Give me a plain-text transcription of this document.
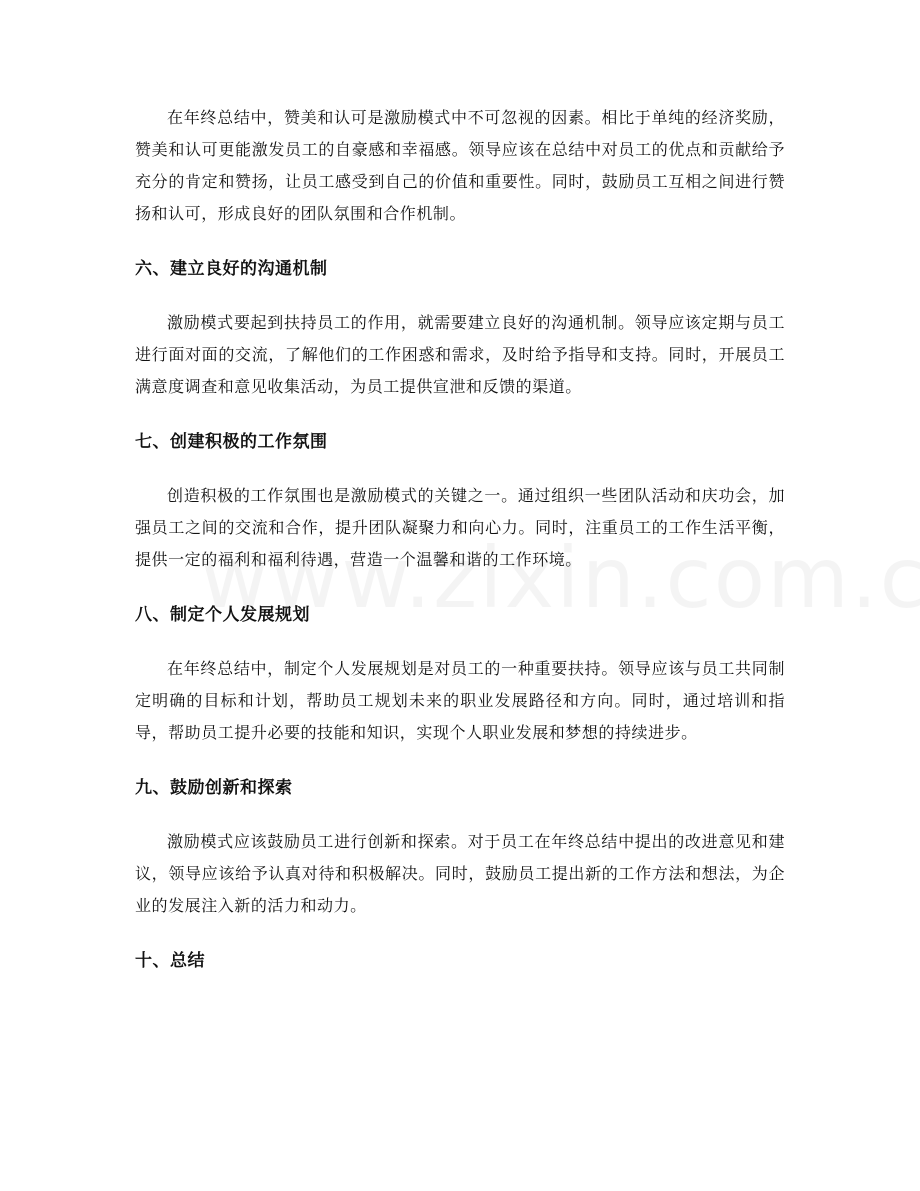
在年终总结中，赞美和认可是激励模式中不可忽视的因素。相比于单纯的经济奖励，赞美和认可更能激发员工的自豪感和幸福感。领导应该在总结中对员工的优点和贡献给予充分的肯定和赞扬，让员工感受到自己的价值和重要性。同时，鼓励员工互相之间进行赞扬和认可，形成良好的团队氛围和合作机制。

六、建立良好的沟通机制

激励模式要起到扶持员工的作用，就需要建立良好的沟通机制。领导应该定期与员工进行面对面的交流，了解他们的工作困惑和需求，及时给予指导和支持。同时，开展员工满意度调查和意见收集活动，为员工提供宣泄和反馈的渠道。

七、创建积极的工作氛围

创造积极的工作氛围也是激励模式的关键之一。通过组织一些团队活动和庆功会，加强员工之间的交流和合作，提升团队凝聚力和向心力。同时，注重员工的工作生活平衡，提供一定的福利和福利待遇，营造一个温馨和谐的工作环境。

八、制定个人发展规划

在年终总结中，制定个人发展规划是对员工的一种重要扶持。领导应该与员工共同制定明确的目标和计划，帮助员工规划未来的职业发展路径和方向。同时，通过培训和指导，帮助员工提升必要的技能和知识，实现个人职业发展和梦想的持续进步。

九、鼓励创新和探索

激励模式应该鼓励员工进行创新和探索。对于员工在年终总结中提出的改进意见和建议，领导应该给予认真对待和积极解决。同时，鼓励员工提出新的工作方法和想法，为企业的发展注入新的活力和动力。

十、总结
